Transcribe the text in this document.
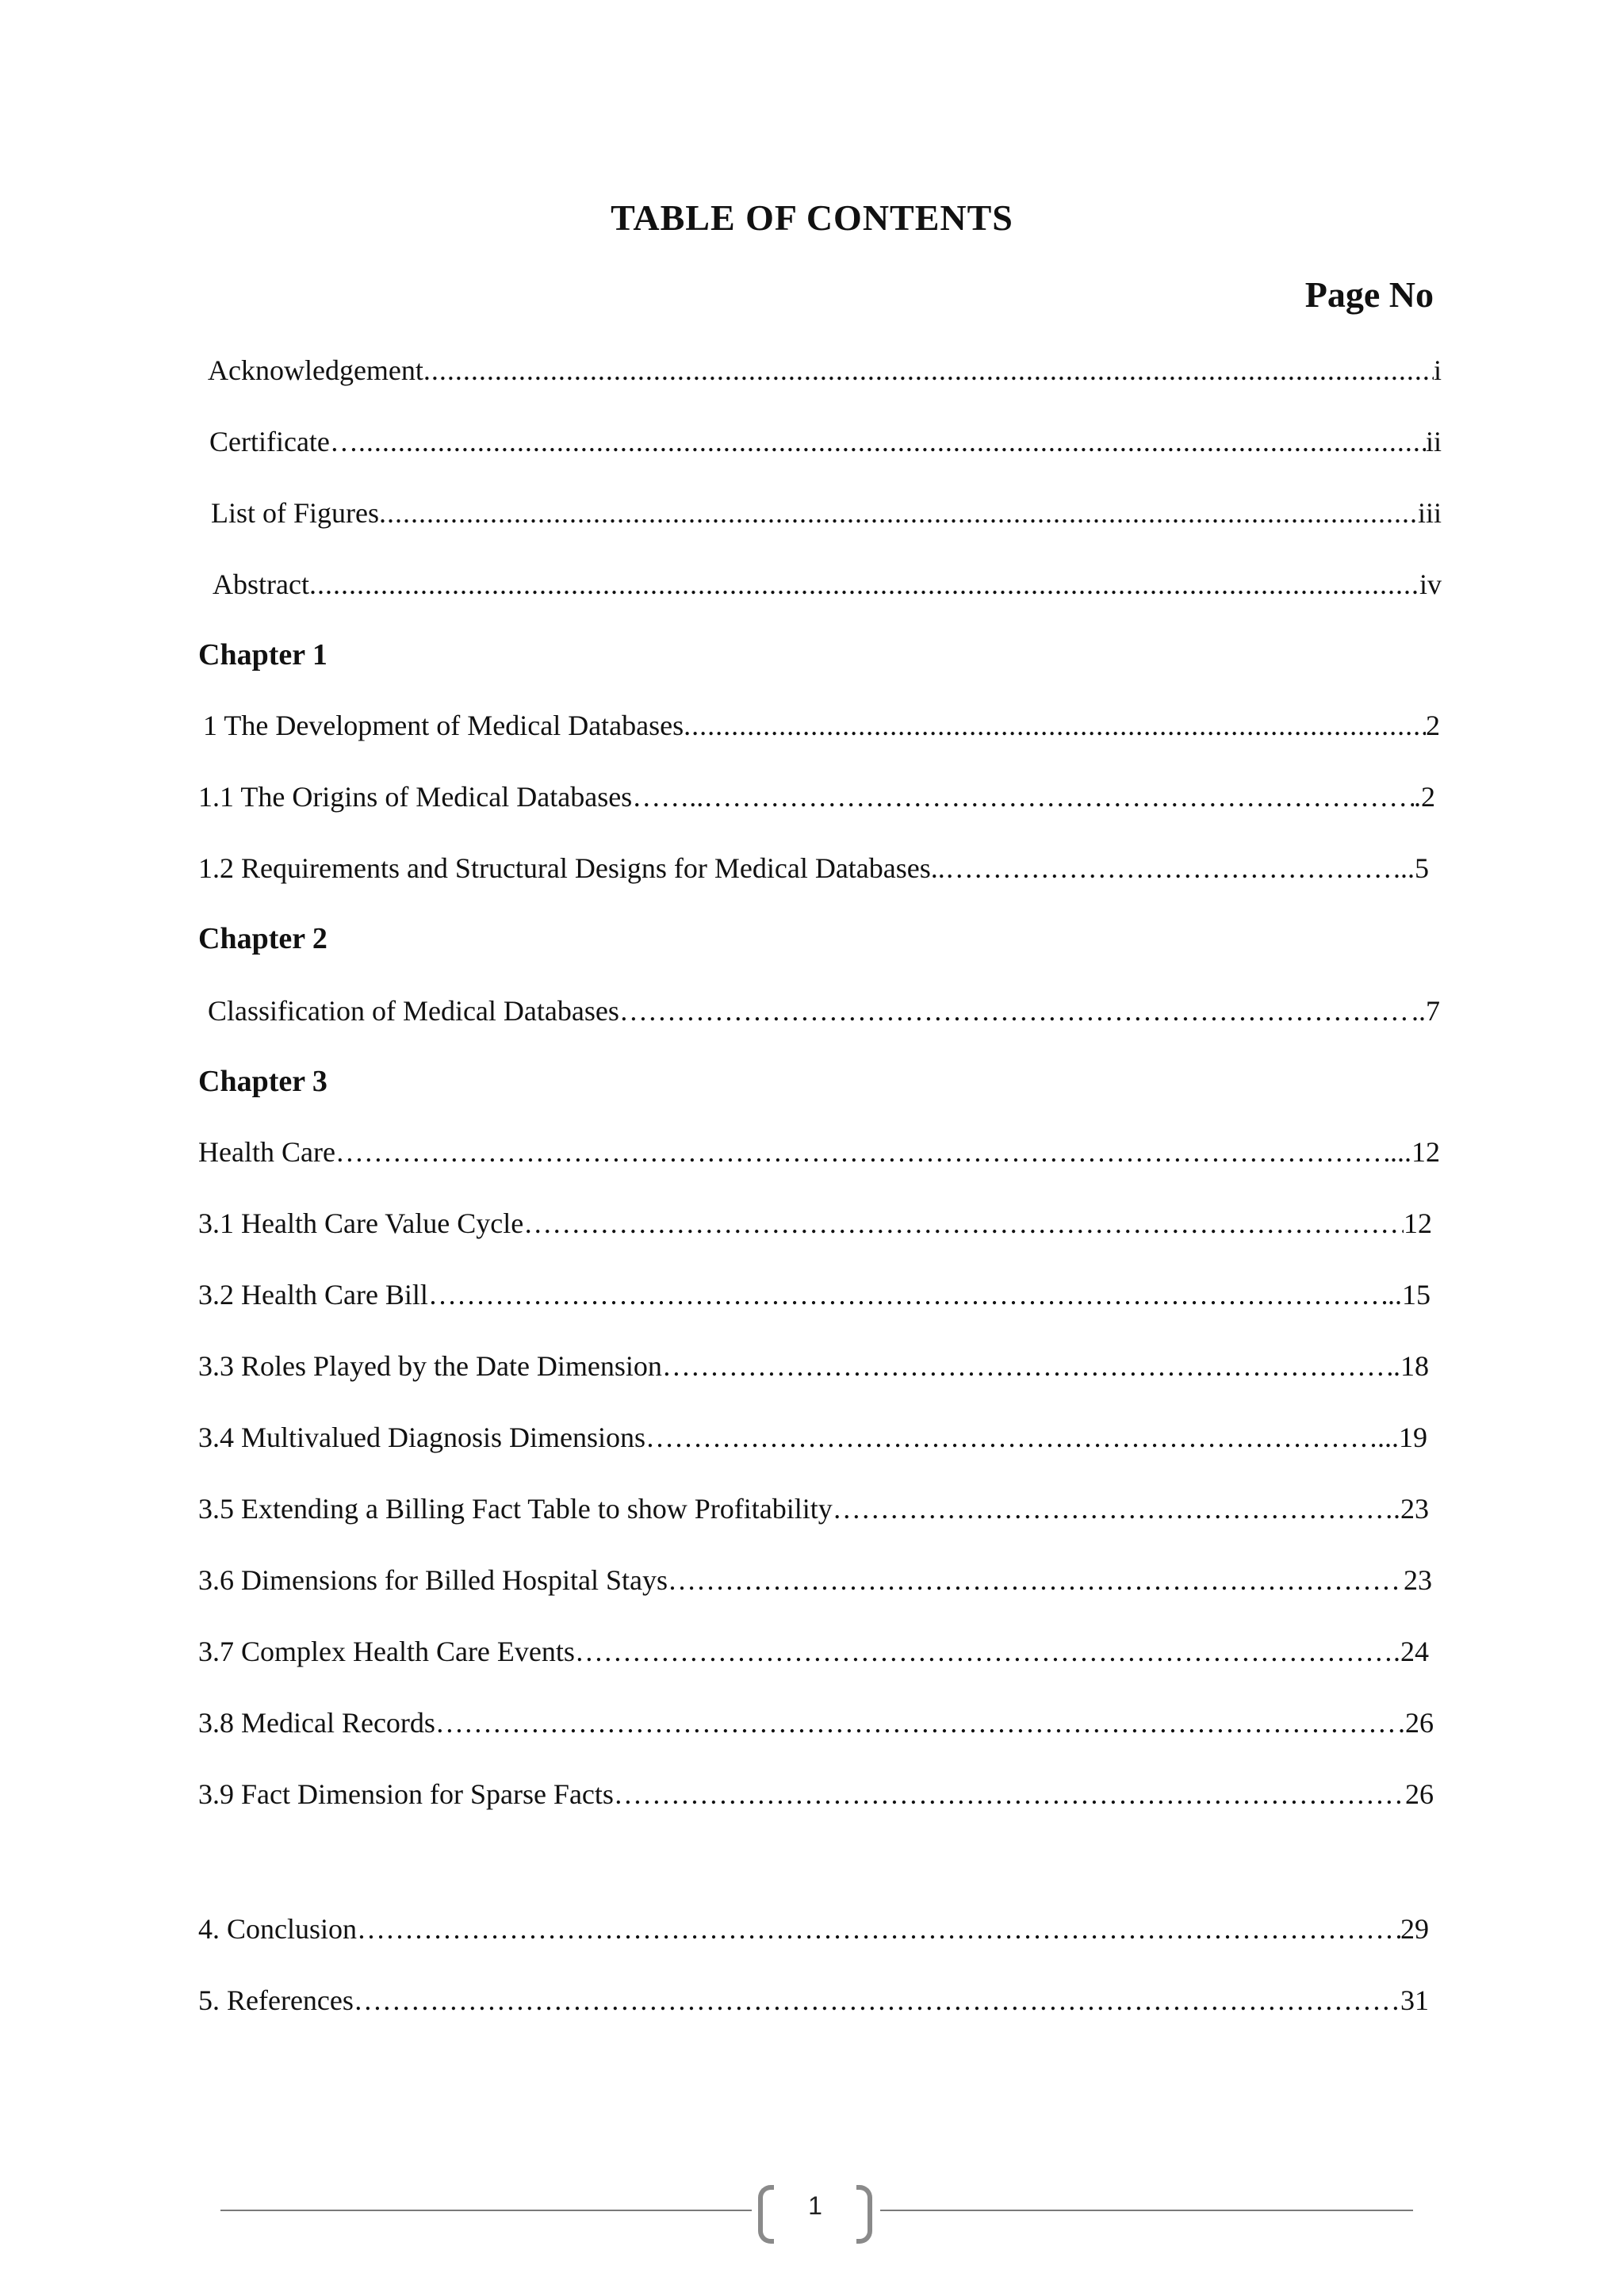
TABLE OF CONTENTS
Page No
Acknowledgement .....	i
Certificate… .....	ii
List of Figures .....	iii
Abstract .....	iv
Chapter 1
1 The Development of Medical Databases .....	2
1.1 The Origins of Medical Databases…….. …………………………………………………………………………………………………………………………………………………………………………………………………………	.2
1.2 Requirements and Structural Designs for Medical Databases.. …………………………………………………………………………………………………………………………………………………………………………………………………………	...5
Chapter 2
Classification of Medical Databases …………………………………………………………………………………………………………………………………………………………………………………………………………	..7
Chapter 3
Health Care …………………………………………………………………………………………………………………………………………………………………………………………………………	...12
3.1 Health Care Value Cycle …………………………………………………………………………………………………………………………………………………………………………………………………………	12
3.2 Health Care Bill …………………………………………………………………………………………………………………………………………………………………………………………………………	..15
3.3 Roles Played by the Date Dimension …………………………………………………………………………………………………………………………………………………………………………………………………………	.18
3.4 Multivalued Diagnosis Dimensions …………………………………………………………………………………………………………………………………………………………………………………………………………	...19
3.5 Extending a Billing Fact Table to show Profitability …………………………………………………………………………………………………………………………………………………………………………………………………………	.23
3.6 Dimensions for Billed Hospital Stays …………………………………………………………………………………………………………………………………………………………………………………………………………	23
3.7 Complex Health Care Events …………………………………………………………………………………………………………………………………………………………………………………………………………	.24
3.8 Medical Records …………………………………………………………………………………………………………………………………………………………………………………………………………	.26
3.9 Fact Dimension for Sparse Facts …………………………………………………………………………………………………………………………………………………………………………………………………………	26
4. Conclusion …………………………………………………………………………………………………………………………………………………………………………………………………………	29
5. References …………………………………………………………………………………………………………………………………………………………………………………………………………	31
1
